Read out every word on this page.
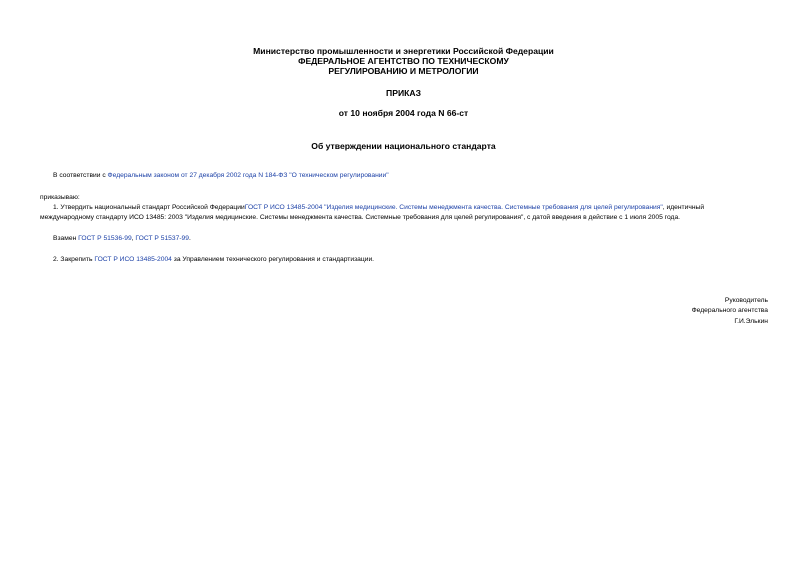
Министерство промышленности и энергетики Российской Федерации
ФЕДЕРАЛЬНОЕ АГЕНТСТВО ПО ТЕХНИЧЕСКОМУ
РЕГУЛИРОВАНИЮ И МЕТРОЛОГИИ
ПРИКАЗ
от 10 ноября 2004 года N 66-ст
Об утверждении национального стандарта
В соответствии с Федеральным законом от 27 декабря 2002 года N 184-ФЗ "О техническом регулировании"
приказываю:
1. Утвердить национальный стандарт Российской ФедерацииГОСТ Р ИСО 13485-2004 "Изделия медицинские. Системы менеджмента качества. Системные требования для целей регулирования", идентичный
международному стандарту ИСО 13485: 2003 "Изделия медицинские. Системы менеджмента качества. Системные требования для целей регулирования", с датой введения в действие с 1 июля 2005 года.
Взамен ГОСТ Р 51536-99, ГОСТ Р 51537-99.
2. Закрепить ГОСТ Р ИСО 13485-2004 за Управлением технического регулирования и стандартизации.
Руководитель
Федерального агентства
Г.И.Элькин
